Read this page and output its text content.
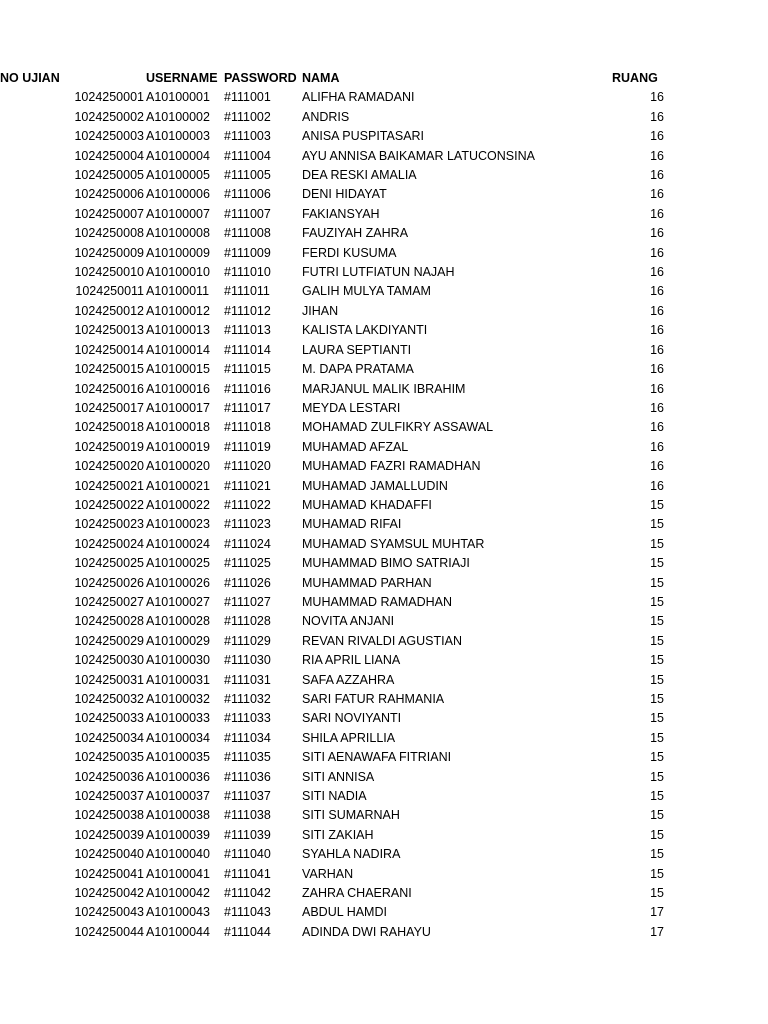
NO UJIAN	USERNAME	PASSWORD	NAMA	RUANG
1024250001	A10100001	#111001	ALIFHA RAMADANI	16
1024250002	A10100002	#111002	ANDRIS	16
1024250003	A10100003	#111003	ANISA PUSPITASARI	16
1024250004	A10100004	#111004	AYU ANNISA BAIKAMAR LATUCONSINA	16
1024250005	A10100005	#111005	DEA RESKI AMALIA	16
1024250006	A10100006	#111006	DENI HIDAYAT	16
1024250007	A10100007	#111007	FAKIANSYAH	16
1024250008	A10100008	#111008	FAUZIYAH ZAHRA	16
1024250009	A10100009	#111009	FERDI KUSUMA	16
1024250010	A10100010	#111010	FUTRI LUTFIATUN NAJAH	16
1024250011	A10100011	#111011	GALIH MULYA TAMAM	16
1024250012	A10100012	#111012	JIHAN	16
1024250013	A10100013	#111013	KALISTA LAKDIYANTI	16
1024250014	A10100014	#111014	LAURA SEPTIANTI	16
1024250015	A10100015	#111015	M. DAPA PRATAMA	16
1024250016	A10100016	#111016	MARJANUL MALIK IBRAHIM	16
1024250017	A10100017	#111017	MEYDA LESTARI	16
1024250018	A10100018	#111018	MOHAMAD ZULFIKRY ASSAWAL	16
1024250019	A10100019	#111019	MUHAMAD AFZAL	16
1024250020	A10100020	#111020	MUHAMAD FAZRI RAMADHAN	16
1024250021	A10100021	#111021	MUHAMAD JAMALLUDIN	16
1024250022	A10100022	#111022	MUHAMAD KHADAFFI	15
1024250023	A10100023	#111023	MUHAMAD RIFAI	15
1024250024	A10100024	#111024	MUHAMAD SYAMSUL MUHTAR	15
1024250025	A10100025	#111025	MUHAMMAD BIMO SATRIAJI	15
1024250026	A10100026	#111026	MUHAMMAD PARHAN	15
1024250027	A10100027	#111027	MUHAMMAD RAMADHAN	15
1024250028	A10100028	#111028	NOVITA ANJANI	15
1024250029	A10100029	#111029	REVAN RIVALDI AGUSTIAN	15
1024250030	A10100030	#111030	RIA APRIL LIANA	15
1024250031	A10100031	#111031	SAFA AZZAHRA	15
1024250032	A10100032	#111032	SARI FATUR RAHMANIA	15
1024250033	A10100033	#111033	SARI NOVIYANTI	15
1024250034	A10100034	#111034	SHILA APRILLIA	15
1024250035	A10100035	#111035	SITI AENAWAFA FITRIANI	15
1024250036	A10100036	#111036	SITI ANNISA	15
1024250037	A10100037	#111037	SITI NADIA	15
1024250038	A10100038	#111038	SITI SUMARNAH	15
1024250039	A10100039	#111039	SITI ZAKIAH	15
1024250040	A10100040	#111040	SYAHLA NADIRA	15
1024250041	A10100041	#111041	VARHAN	15
1024250042	A10100042	#111042	ZAHRA CHAERANI	15
1024250043	A10100043	#111043	ABDUL HAMDI	17
1024250044	A10100044	#111044	ADINDA DWI RAHAYU	17
